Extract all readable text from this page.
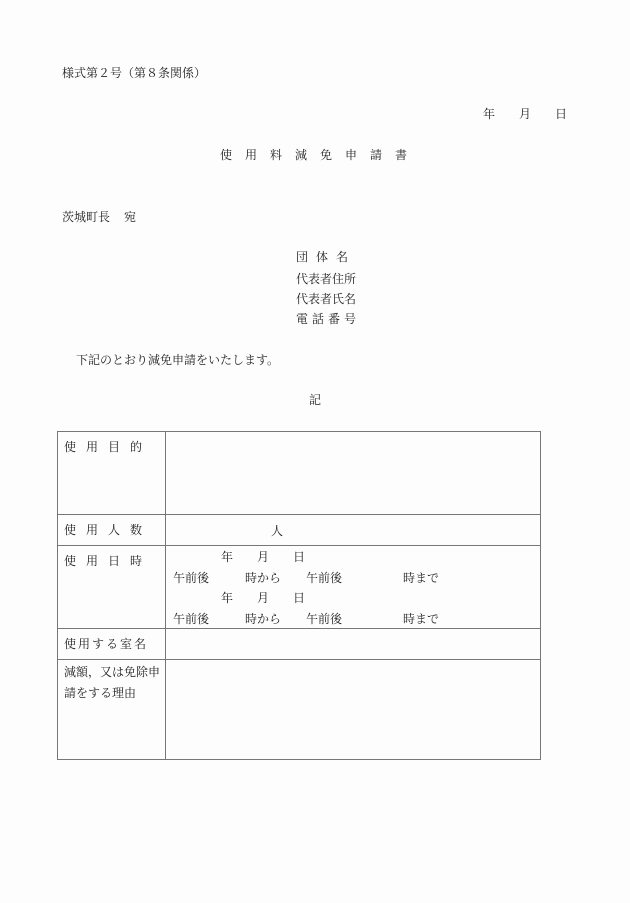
様式第２号（第８条関係）
年 月 日
使用料減免申請書
茨城町長 宛
団体名
代表者住所
代表者氏名
電話番号
下記のとおり減免申請をいたします。
記
使用目的
使用人数	人
使用日時	年 月 日
午前後	時から 午前後	時まで
年 月 日
午前後	時から 午前後	時まで
使用する室名
減額，又は免除申請をする理由
